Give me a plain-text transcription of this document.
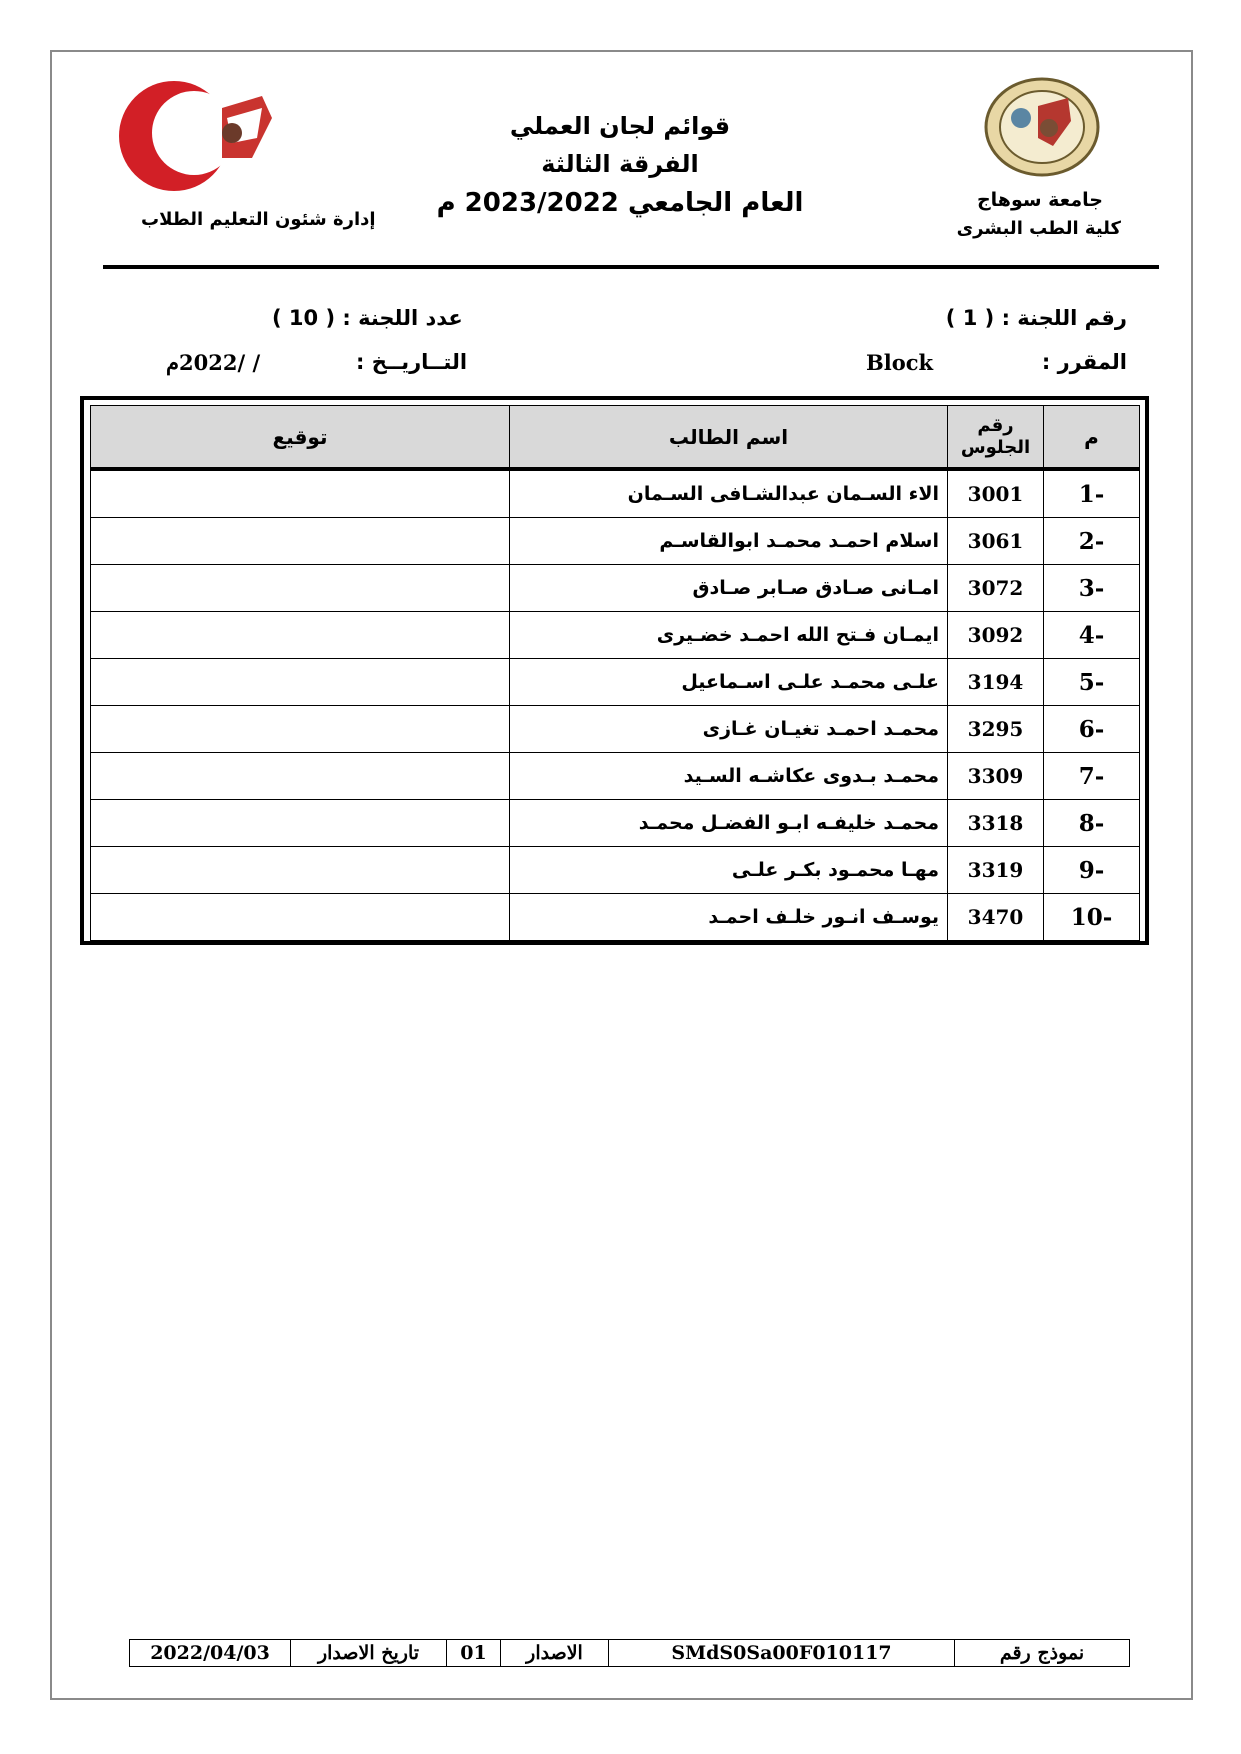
جامعة سوهاج
كلية الطب البشرى
إدارة شئون التعليم الطلاب
قوائم لجان العملي
الفرقة الثالثة
العام الجامعي 2023/2022 م
رقم اللجنة : ( 1 )
عدد اللجنة : ( 10 )
المقرر :
Block
التــاريــخ :
/ /2022م
م	رقم الجلوس	اسم الطالب	توقيع
-1	3001	الاء السـمان عبدالشـافى السـمان	
-2	3061	اسلام احمـد محمـد ابوالقاسـم	
-3	3072	امـانى صـادق صـابر صـادق	
-4	3092	ايمـان فـتح الله احمـد خضـيرى	
-5	3194	علـى محمـد علـى اسـماعيل	
-6	3295	محمـد احمـد تغيـان غـازى	
-7	3309	محمـد بـدوى عكاشـه السـيد	
-8	3318	محمـد خليفـه ابـو الفضـل محمـد	
-9	3319	مهـا محمـود بكـر علـى	
-10	3470	يوسـف انـور خلـف احمـد	
نموذج رقم
SMdS0Sa00F010117
الاصدار
01
تاريخ الاصدار
2022/04/03
